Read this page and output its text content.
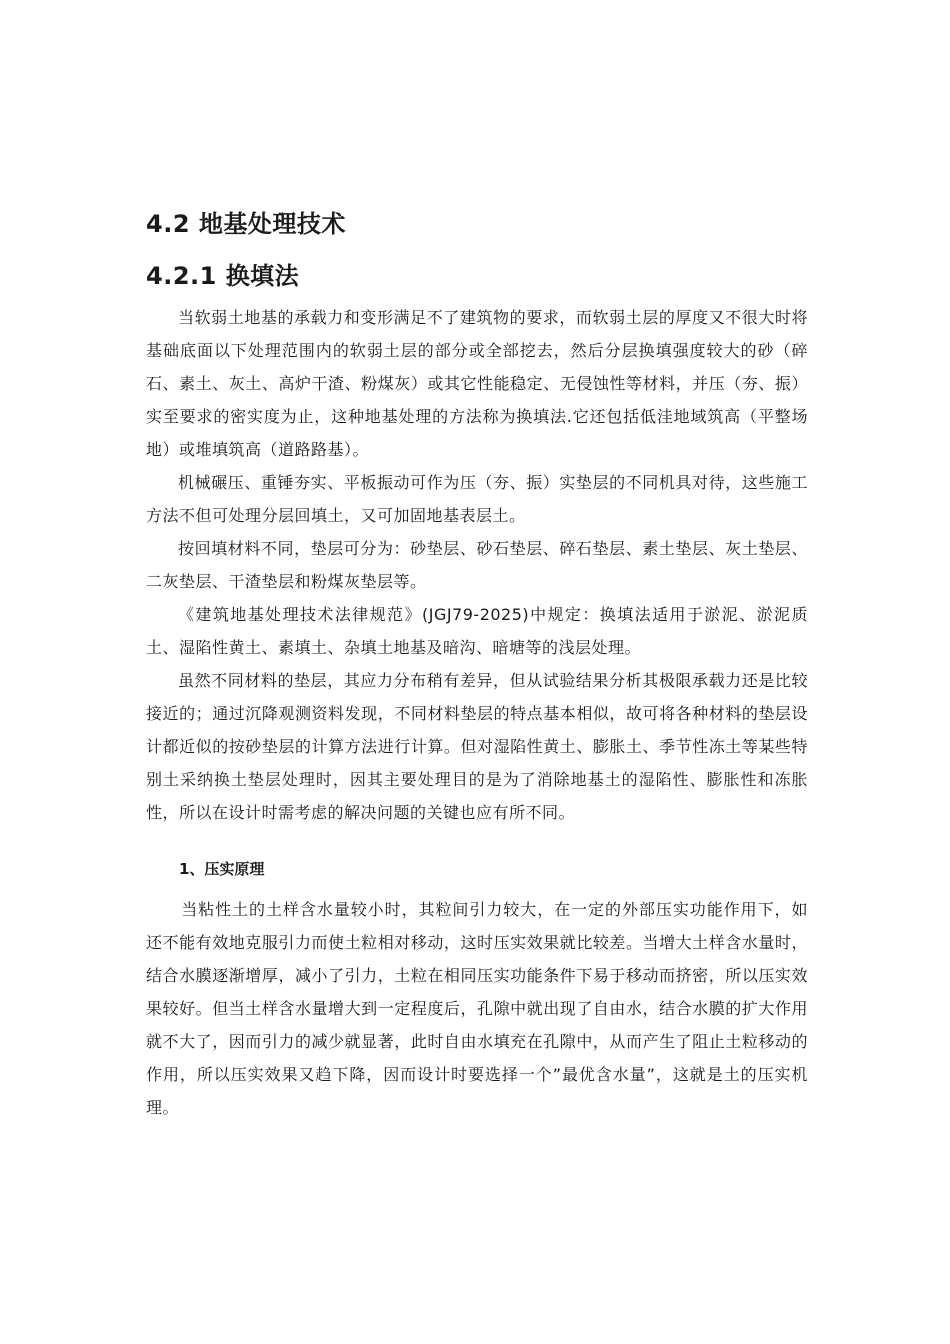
4.2 地基处理技术
4.2.1 换填法

当软弱土地基的承载力和变形满足不了建筑物的要求，而软弱土层的厚度又不很大时将基础底面以下处理范围内的软弱土层的部分或全部挖去，然后分层换填强度较大的砂（碎石、素土、灰土、高炉干渣、粉煤灰）或其它性能稳定、无侵蚀性等材料，并压（夯、振）实至要求的密实度为止，这种地基处理的方法称为换填法.它还包括低洼地域筑高（平整场地）或堆填筑高（道路路基）。

机械碾压、重锤夯实、平板振动可作为压（夯、振）实垫层的不同机具对待，这些施工方法不但可处理分层回填土，又可加固地基表层土。

按回填材料不同，垫层可分为：砂垫层、砂石垫层、碎石垫层、素土垫层、灰土垫层、二灰垫层、干渣垫层和粉煤灰垫层等。

《建筑地基处理技术法律规范》(JGJ79-2025)中规定：换填法适用于淤泥、淤泥质土、湿陷性黄土、素填土、杂填土地基及暗沟、暗塘等的浅层处理。

虽然不同材料的垫层，其应力分布稍有差异，但从试验结果分析其极限承载力还是比较接近的；通过沉降观测资料发现，不同材料垫层的特点基本相似，故可将各种材料的垫层设计都近似的按砂垫层的计算方法进行计算。但对湿陷性黄土、膨胀土、季节性冻土等某些特别土采纳换土垫层处理时，因其主要处理目的是为了消除地基土的湿陷性、膨胀性和冻胀性，所以在设计时需考虑的解决问题的关键也应有所不同。

1、压实原理

当粘性土的土样含水量较小时，其粒间引力较大，在一定的外部压实功能作用下，如还不能有效地克服引力而使土粒相对移动，这时压实效果就比较差。当增大土样含水量时，结合水膜逐渐增厚，减小了引力，土粒在相同压实功能条件下易于移动而挤密，所以压实效果较好。但当土样含水量增大到一定程度后，孔隙中就出现了自由水，结合水膜的扩大作用就不大了，因而引力的减少就显著，此时自由水填充在孔隙中，从而产生了阻止土粒移动的作用，所以压实效果又趋下降，因而设计时要选择一个”最优含水量”，这就是土的压实机理。
